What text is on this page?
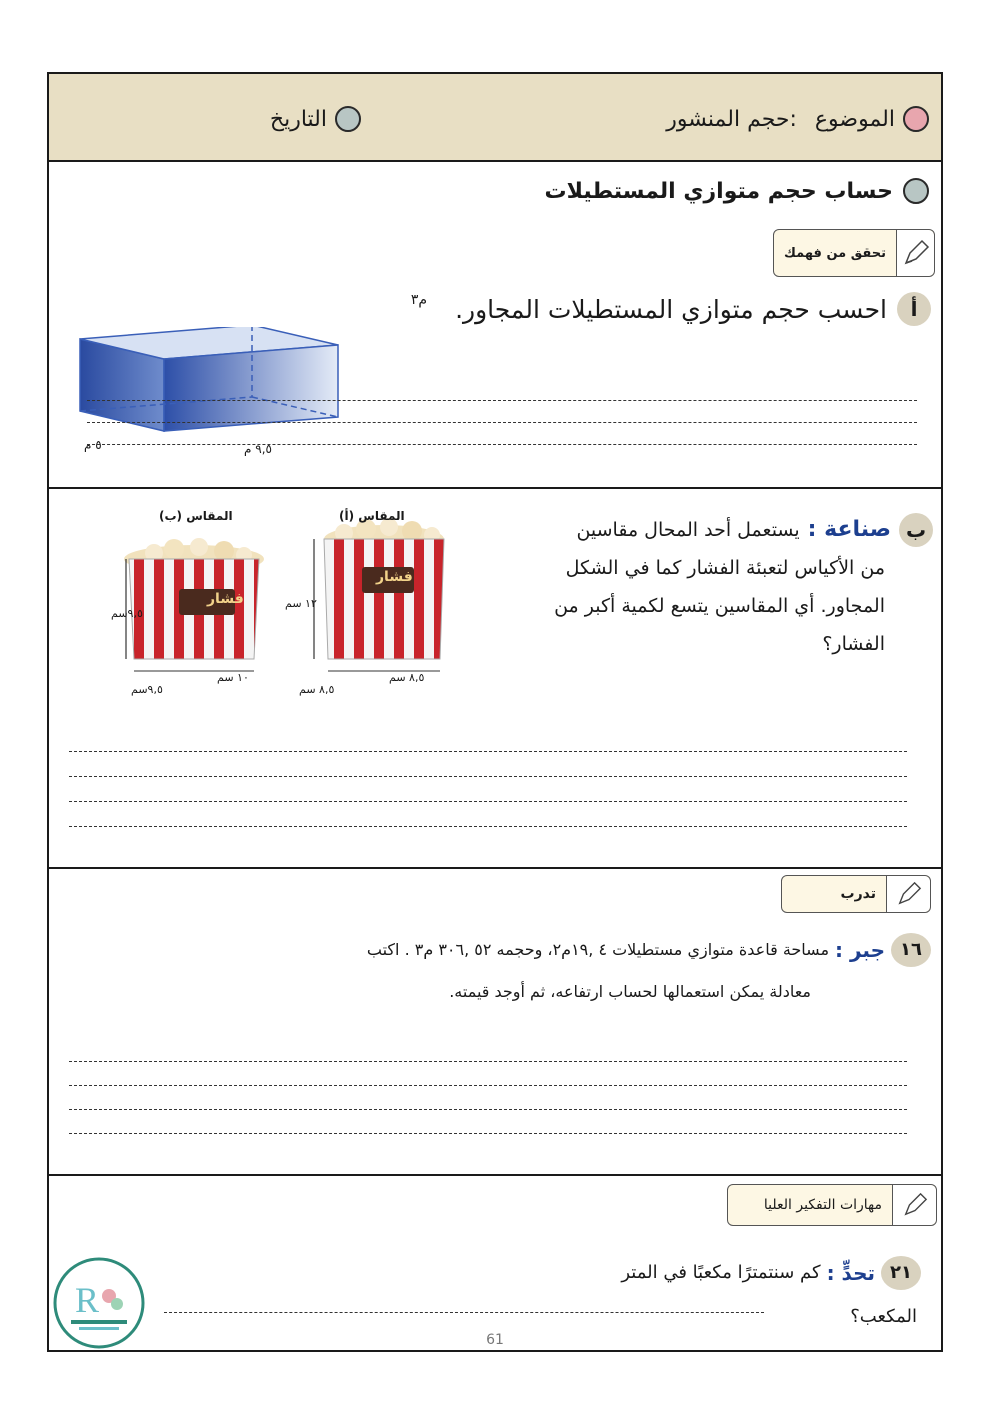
الموضوع
:حجم المنشور
التاريخ
حساب حجم متوازي المستطيلات
تحقق من فهمك
٥ م	٩,٥ م
أ
احسب حجم متوازي المستطيلات المجاور.
م٣
ب
صناعة :
يستعمل أحد المحال مقاسين
من الأكياس لتعبئة الفشار كما في الشكل المجاور. أي المقاسين يتسع لكمية أكبر من الفشار؟
المقاس (ب)	المقاس (أ)
فشار
فشار
٩,٥سم
١٢ سم
١٠ سم
٩,٥سم
٨,٥ سم
٨,٥ سم
تدرب
١٦
جبر :
مساحة قاعدة متوازي مستطيلات ٤ ,١٩م٢، وحجمه ٥٢ ,٣٠٦ م٣ . اكتب
معادلة يمكن استعمالها لحساب ارتفاعه، ثم أوجد قيمته.
مهارات التفكير العليا
٢١
تحدٍّ :
كم سنتمترًا مكعبًا في المتر
المكعب؟
R
61
